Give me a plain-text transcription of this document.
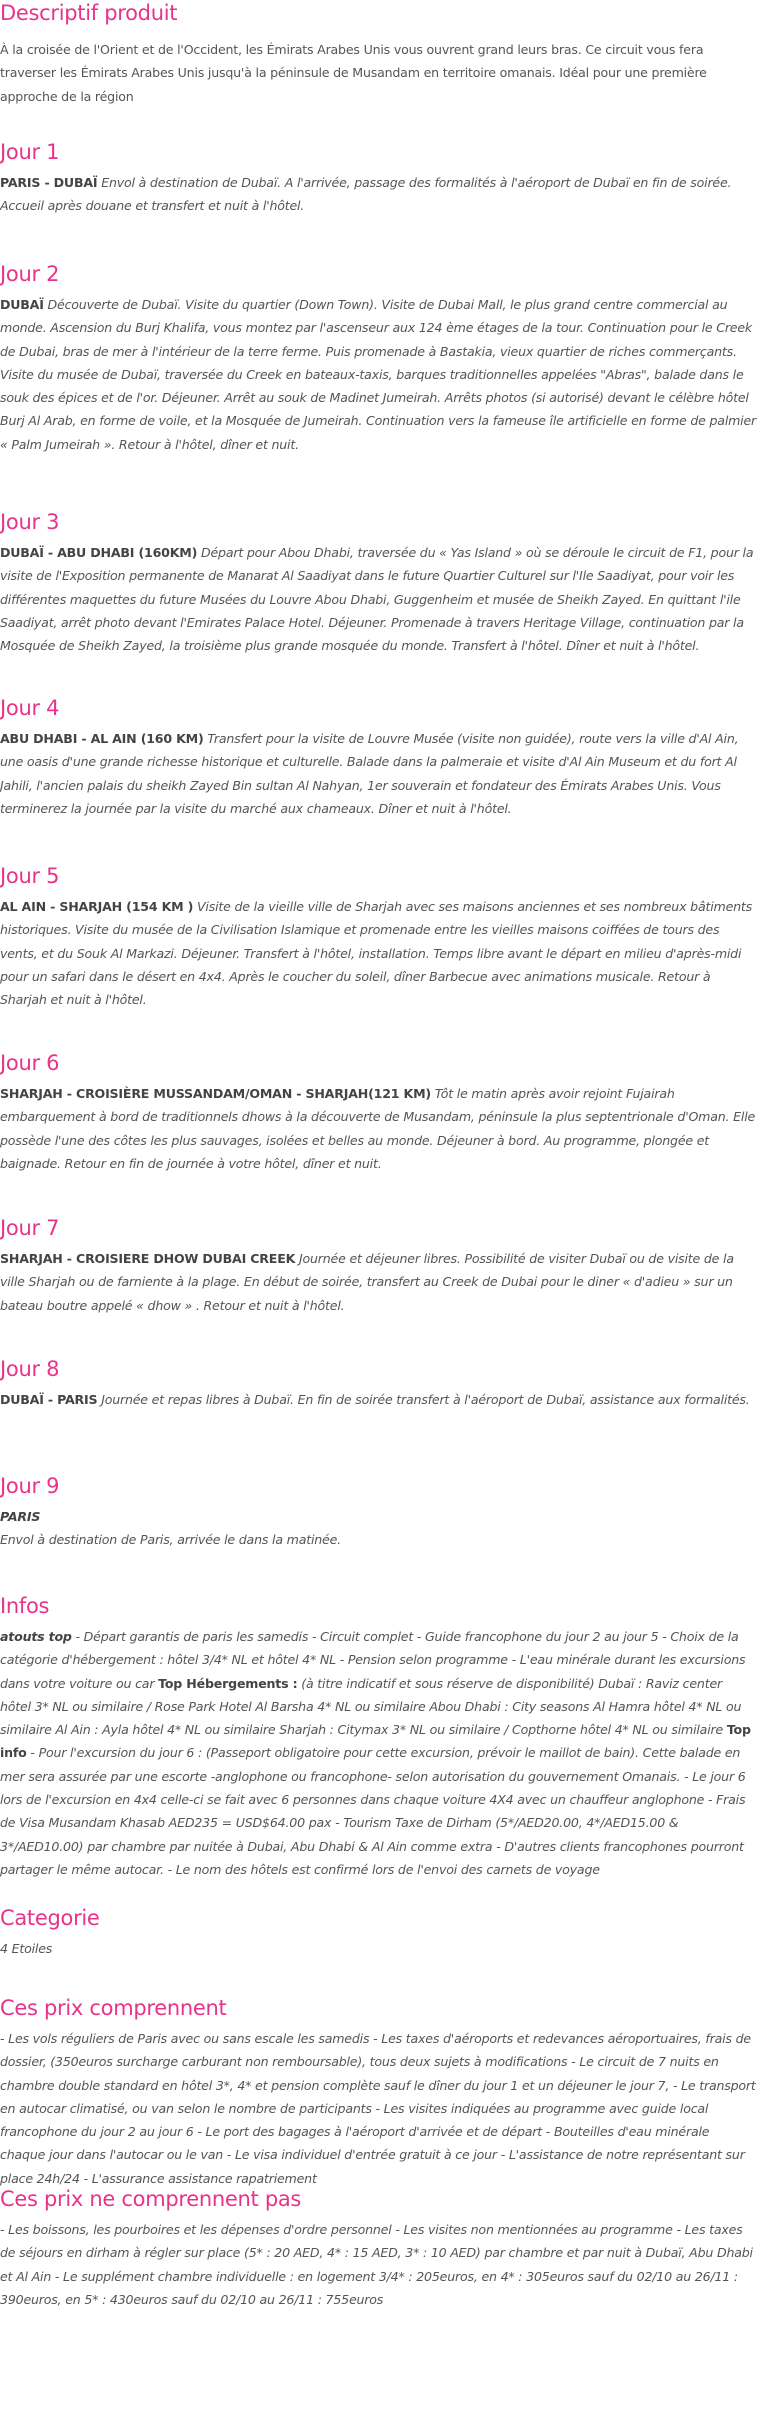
Descriptif produit

À la croisée de l'Orient et de l'Occident, les Émirats Arabes Unis vous ouvrent grand leurs bras. Ce circuit vous fera traverser les Émirats Arabes Unis jusqu'à la péninsule de Musandam en territoire omanais. Idéal pour une première approche de la région

Jour 1

PARIS - DUBAÏ Envol à destination de Dubaï. A l'arrivée, passage des formalités à l'aéroport de Dubaï en fin de soirée. Accueil après douane et transfert et nuit à l'hôtel.

Jour 2

DUBAÏ Découverte de Dubaï. Visite du quartier (Down Town). Visite de Dubai Mall, le plus grand centre commercial au monde. Ascension du Burj Khalifa, vous montez par l'ascenseur aux 124 ème étages de la tour. Continuation pour le Creek de Dubai, bras de mer à l'intérieur de la terre ferme. Puis promenade à Bastakia, vieux quartier de riches commerçants. Visite du musée de Dubaï, traversée du Creek en bateaux-taxis, barques traditionnelles appelées "Abras", balade dans le souk des épices et de l'or. Déjeuner. Arrêt au souk de Madinet Jumeirah. Arrêts photos (si autorisé) devant le célèbre hôtel Burj Al Arab, en forme de voile, et la Mosquée de Jumeirah. Continuation vers la fameuse île artificielle en forme de palmier « Palm Jumeirah ». Retour à l'hôtel, dîner et nuit.

Jour 3

DUBAÏ - ABU DHABI (160KM) Départ pour Abou Dhabi, traversée du « Yas Island » où se déroule le circuit de F1, pour la visite de l'Exposition permanente de Manarat Al Saadiyat dans le future Quartier Culturel sur l'Ile Saadiyat, pour voir les différentes maquettes du future Musées du Louvre Abou Dhabi, Guggenheim et musée de Sheikh Zayed. En quittant l'ile Saadiyat, arrêt photo devant l'Emirates Palace Hotel. Déjeuner. Promenade à travers Heritage Village, continuation par la Mosquée de Sheikh Zayed, la troisième plus grande mosquée du monde. Transfert à l'hôtel. Dîner et nuit à l'hôtel.

Jour 4

ABU DHABI - AL AIN (160 KM) Transfert pour la visite de Louvre Musée (visite non guidée), route vers la ville d'Al Ain, une oasis d'une grande richesse historique et culturelle. Balade dans la palmeraie et visite d'Al Ain Museum et du fort Al Jahili, l'ancien palais du sheikh Zayed Bin sultan Al Nahyan, 1er souverain et fondateur des Émirats Arabes Unis. Vous terminerez la journée par la visite du marché aux chameaux. Dîner et nuit à l'hôtel.

Jour 5

AL AIN - SHARJAH (154 KM ) Visite de la vieille ville de Sharjah avec ses maisons anciennes et ses nombreux bâtiments historiques. Visite du musée de la Civilisation Islamique et promenade entre les vieilles maisons coiffées de tours des vents, et du Souk Al Markazi. Déjeuner. Transfert à l'hôtel, installation. Temps libre avant le départ en milieu d'après-midi pour un safari dans le désert en 4x4. Après le coucher du soleil, dîner Barbecue avec animations musicale. Retour à Sharjah et nuit à l'hôtel.

Jour 6

SHARJAH - CROISIÈRE MUSSANDAM/OMAN - SHARJAH(121 KM) Tôt le matin après avoir rejoint Fujairah embarquement à bord de traditionnels dhows à la découverte de Musandam, péninsule la plus septentrionale d'Oman. Elle possède l'une des côtes les plus sauvages, isolées et belles au monde. Déjeuner à bord. Au programme, plongée et baignade. Retour en fin de journée à votre hôtel, dîner et nuit.

Jour 7

SHARJAH - CROISIERE DHOW DUBAI CREEK Journée et déjeuner libres. Possibilité de visiter Dubaï ou de visite de la ville Sharjah ou de farniente à la plage. En début de soirée, transfert au Creek de Dubai pour le diner « d'adieu » sur un bateau boutre appelé « dhow » . Retour et nuit à l'hôtel.

Jour 8

DUBAÏ - PARIS Journée et repas libres à Dubaï. En fin de soirée transfert à l'aéroport de Dubaï, assistance aux formalités.

Jour 9

PARIS
Envol à destination de Paris, arrivée le dans la matinée.

Infos

atouts top - Départ garantis de paris les samedis - Circuit complet - Guide francophone du jour 2 au jour 5 - Choix de la catégorie d'hébergement : hôtel 3/4* NL et hôtel 4* NL - Pension selon programme - L'eau minérale durant les excursions dans votre voiture ou car Top Hébergements : (à titre indicatif et sous réserve de disponibilité) Dubaï : Raviz center hôtel 3* NL ou similaire / Rose Park Hotel Al Barsha 4* NL ou similaire Abou Dhabi : City seasons Al Hamra hôtel 4* NL ou similaire Al Ain : Ayla hôtel 4* NL ou similaire Sharjah : Citymax 3* NL ou similaire / Copthorne hôtel 4* NL ou similaire Top info - Pour l'excursion du jour 6 : (Passeport obligatoire pour cette excursion, prévoir le maillot de bain). Cette balade en mer sera assurée par une escorte -anglophone ou francophone- selon autorisation du gouvernement Omanais. - Le jour 6 lors de l'excursion en 4x4 celle-ci se fait avec 6 personnes dans chaque voiture 4X4 avec un chauffeur anglophone - Frais de Visa Musandam Khasab AED235 = USD$64.00 pax - Tourism Taxe de Dirham (5*/AED20.00, 4*/AED15.00 & 3*/AED10.00) par chambre par nuitée à Dubai, Abu Dhabi & Al Ain comme extra - D'autres clients francophones pourront partager le même autocar. - Le nom des hôtels est confirmé lors de l'envoi des carnets de voyage

Categorie

4 Etoiles

Ces prix comprennent

- Les vols réguliers de Paris avec ou sans escale les samedis - Les taxes d'aéroports et redevances aéroportuaires, frais de dossier, (350euros surcharge carburant non remboursable), tous deux sujets à modifications - Le circuit de 7 nuits en chambre double standard en hôtel 3*, 4* et pension complète sauf le dîner du jour 1 et un déjeuner le jour 7, - Le transport en autocar climatisé, ou van selon le nombre de participants - Les visites indiquées au programme avec guide local francophone du jour 2 au jour 6 - Le port des bagages à l'aéroport d'arrivée et de départ - Bouteilles d'eau minérale chaque jour dans l'autocar ou le van - Le visa individuel d'entrée gratuit à ce jour - L'assistance de notre représentant sur place 24h/24 - L'assurance assistance rapatriement

Ces prix ne comprennent pas

- Les boissons, les pourboires et les dépenses d'ordre personnel - Les visites non mentionnées au programme - Les taxes de séjours en dirham à régler sur place (5* : 20 AED, 4* : 15 AED, 3* : 10 AED) par chambre et par nuit à Dubaï, Abu Dhabi et Al Ain - Le supplément chambre individuelle : en logement 3/4* : 205euros, en 4* : 305euros sauf du 02/10 au 26/11 : 390euros, en 5* : 430euros sauf du 02/10 au 26/11 : 755euros
